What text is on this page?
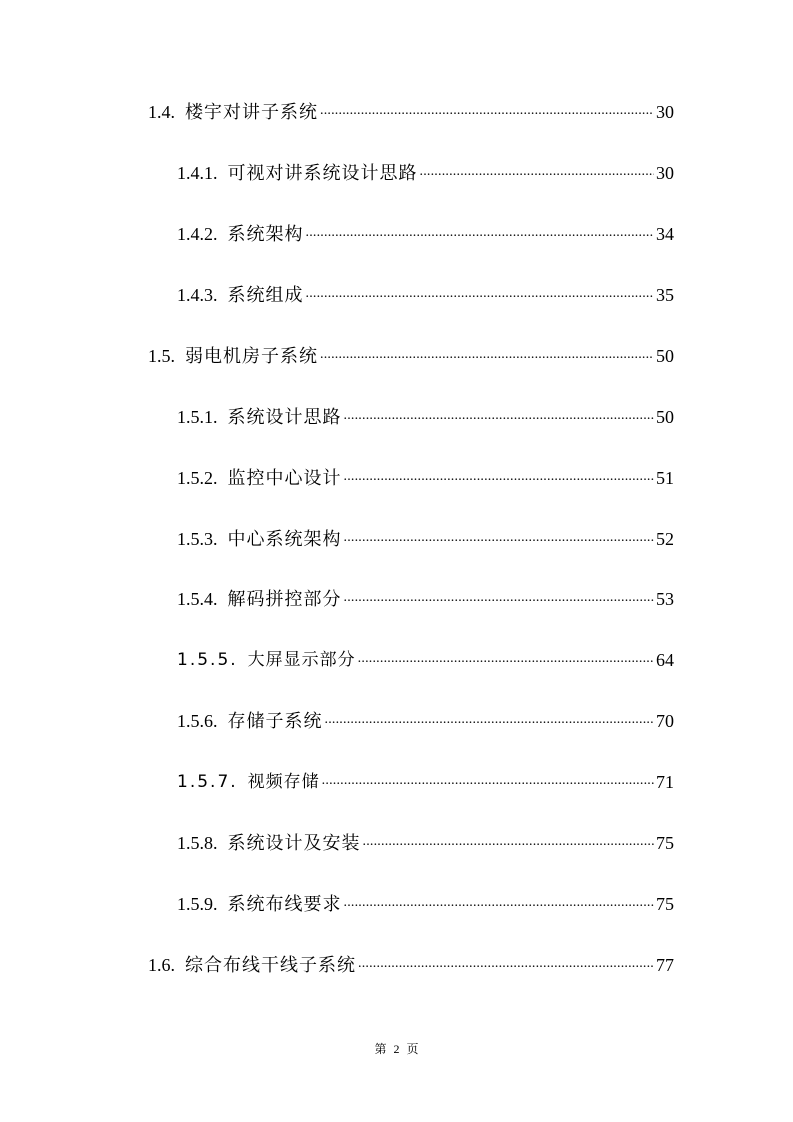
1.4. 楼宇对讲子系统 .....	30
1.4.1. 可视对讲系统设计思路 .....	30
1.4.2. 系统架构 .....	34
1.4.3. 系统组成 .....	35
1.5. 弱电机房子系统 .....	50
1.5.1. 系统设计思路 .....	50
1.5.2. 监控中心设计 .....	51
1.5.3. 中心系统架构 .....	52
1.5.4. 解码拼控部分 .....	53
1.5.5. 大屏显示部分 .....	64
1.5.6. 存储子系统 .....	70
1.5.7. 视频存储 .....	71
1.5.8. 系统设计及安装 .....	75
1.5.9. 系统布线要求 .....	75
1.6. 综合布线干线子系统 .....	77
第 2 页
